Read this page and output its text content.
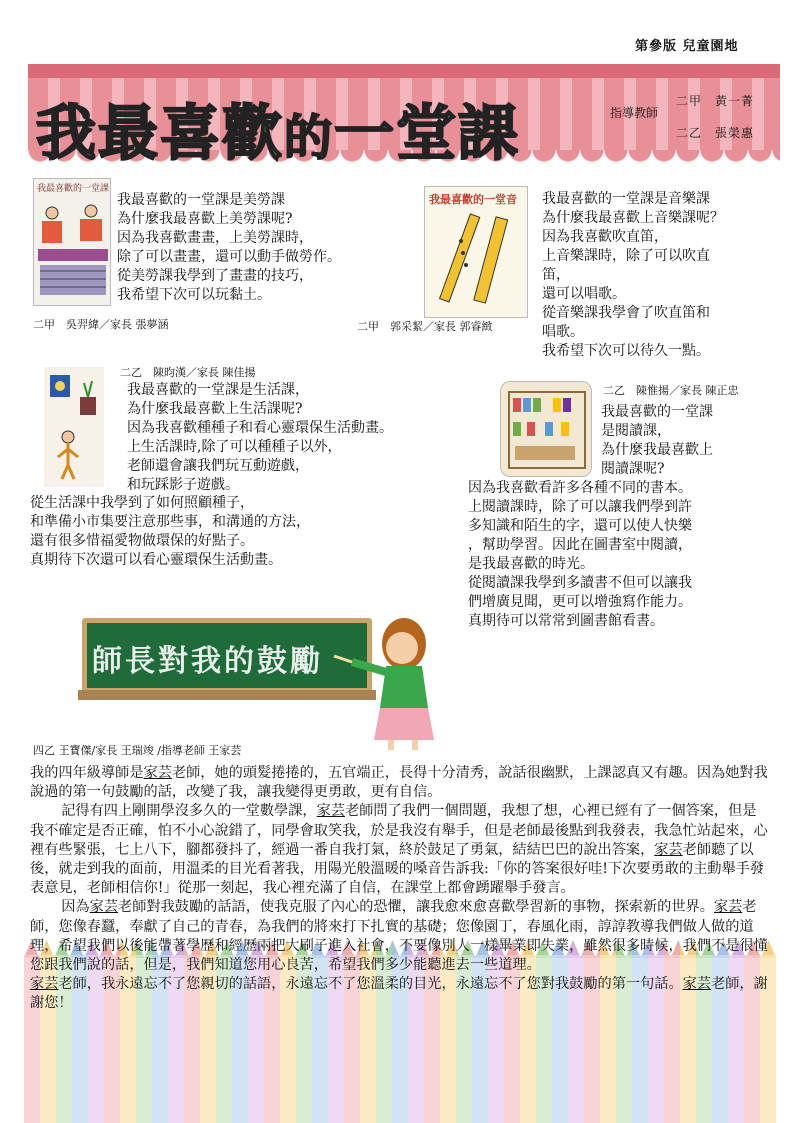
第參版 兒童園地
我最喜歡的一堂課	指導教師
二甲　黃一菁
二乙　張榮惠
我最喜歡的一堂課
我最喜歡的一堂課是美勞課
為什麼我最喜歡上美勞課呢?
因為我喜歡畫畫，上美勞課時，
除了可以畫畫，還可以動手做勞作。
從美勞課我學到了畫畫的技巧，
我希望下次可以玩黏土。
二甲　吳羿緯／家長 張夢涵
我最喜歡的一堂音 我最喜歡的一堂課是音樂課
為什麼我最喜歡上音樂課呢？
因為我喜歡吹直笛，
上音樂課時，除了可以吹直
笛，
還可以唱歌。
從音樂課我學會了吹直笛和
唱歌。
我希望下次可以待久一點。
二甲　郭采絜／家長 郭睿緻
二乙　陳昀漢／家長 陳佳揚
我最喜歡的一堂課是生活課，
為什麼我最喜歡上生活課呢?
因為我喜歡種種子和看心靈環保生活動畫。
上生活課時,除了可以種種子以外，
老師還會讓我們玩互動遊戲，
和玩踩影子遊戲。
從生活課中我學到了如何照顧種子，
和準備小市集要注意那些事，和溝通的方法，
還有很多惜福愛物做環保的好點子。
真期待下次還可以看心靈環保生活動畫。
二乙　陳惟揚／家長 陳正忠
我最喜歡的一堂課
是閱讀課，
為什麼我最喜歡上
閱讀課呢?
因為我喜歡看許多各種不同的書本。
上閱讀課時，除了可以讓我們學到許
多知識和陌生的字，還可以使人快樂
，幫助學習。因此在圖書室中閱讀，
是我最喜歡的時光。
從閱讀課我學到多讀書不但可以讓我
們增廣見聞，更可以增強寫作能力。
真期待可以常常到圖書館看書。
師長對我的鼓勵
四乙 王寶傑/家長 王瑞竣 /指導老師 王家芸

我的四年級導師是家芸老師，她的頭髮捲捲的，五官端正，長得十分清秀，說話很幽默，上課認真又有趣。因為她對我說過的第一句鼓勵的話，改變了我，讓我變得更勇敢，更有自信。

記得有四上剛開學沒多久的一堂數學課，家芸老師問了我們一個問題，我想了想，心裡已經有了一個答案，但是我不確定是否正確，怕不小心說錯了，同學會取笑我，於是我沒有舉手，但是老師最後點到我發表，我急忙站起來，心裡有些緊張，七上八下，腳都發抖了，經過一番自我打氣，終於鼓足了勇氣，結結巴巴的說出答案，家芸老師聽了以後，就走到我的面前，用溫柔的目光看著我，用陽光般溫暖的嗓音告訴我:「你的答案很好哇!下次要勇敢的主動舉手發表意見，老師相信你!」從那一刻起，我心裡充滿了自信，在課堂上都會踴躍舉手發言。

因為家芸老師對我鼓勵的話語，使我克服了內心的恐懼，讓我愈來愈喜歡學習新的事物，探索新的世界。家芸老師，您像春蠶，奉獻了自己的青春，為我們的將來打下扎實的基礎；您像園丁，春風化雨，諄諄教導我們做人做的道理，希望我們以後能帶著學歷和經歷兩把大刷子進入社會，不要像別人一樣畢業即失業，雖然很多時候，我們不是很懂您跟我們說的話，但是，我們知道您用心良苦，希望我們多少能聽進去一些道理。

家芸老師，我永遠忘不了您親切的話語，永遠忘不了您溫柔的目光，永遠忘不了您對我鼓勵的第一句話。家芸老師，謝謝您！
